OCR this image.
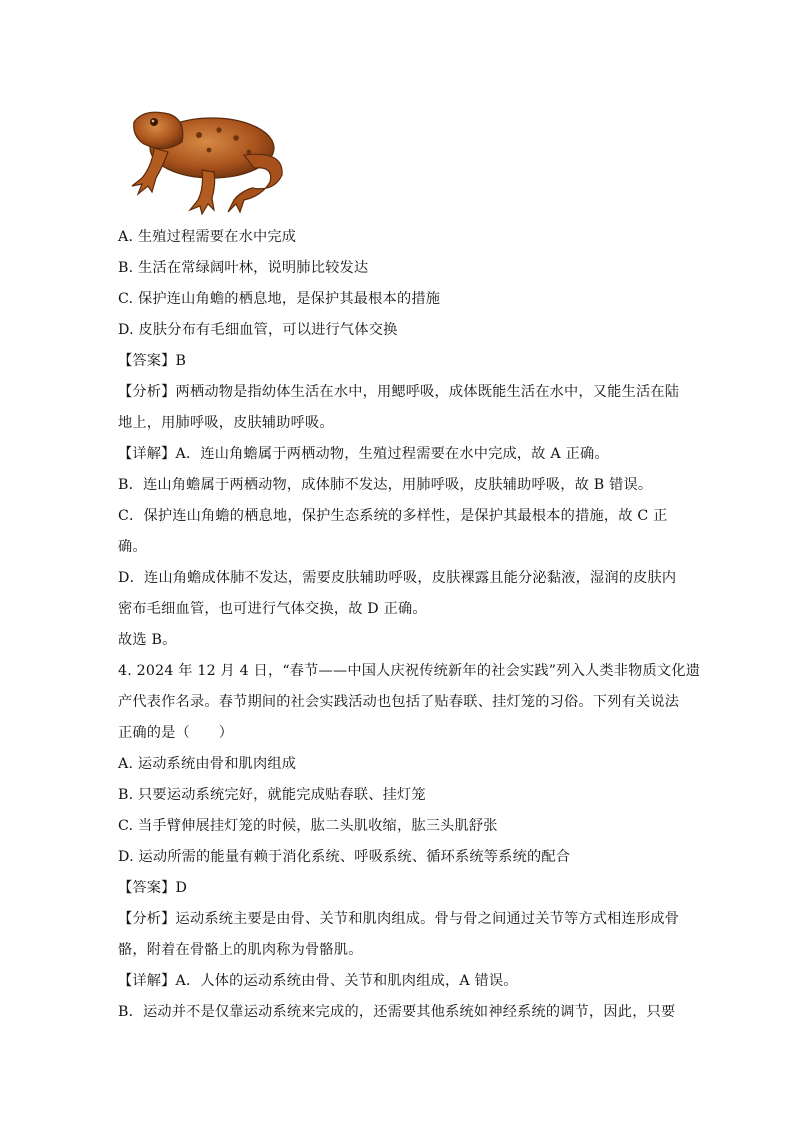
A. 生殖过程需要在水中完成
B. 生活在常绿阔叶林，说明肺比较发达
C. 保护连山角蟾的栖息地，是保护其最根本的措施
D. 皮肤分布有毛细血管，可以进行气体交换
【答案】B
【分析】两栖动物是指幼体生活在水中，用鳃呼吸，成体既能生活在水中，又能生活在陆
地上，用肺呼吸，皮肤辅助呼吸。
【详解】A．连山角蟾属于两栖动物，生殖过程需要在水中完成，故 A 正确。
B．连山角蟾属于两栖动物，成体肺不发达，用肺呼吸，皮肤辅助呼吸，故 B 错误。
C．保护连山角蟾的栖息地，保护生态系统的多样性，是保护其最根本的措施，故 C 正
确。
D．连山角蟾成体肺不发达，需要皮肤辅助呼吸，皮肤裸露且能分泌黏液，湿润的皮肤内
密布毛细血管，也可进行气体交换，故 D 正确。
故选 B。
4. 2024 年 12 月 4 日，“春节——中国人庆祝传统新年的社会实践”列入人类非物质文化遗
产代表作名录。春节期间的社会实践活动也包括了贴春联、挂灯笼的习俗。下列有关说法
正确的是（　　）
A. 运动系统由骨和肌肉组成
B. 只要运动系统完好，就能完成贴春联、挂灯笼
C. 当手臂伸展挂灯笼的时候，肱二头肌收缩，肱三头肌舒张
D. 运动所需的能量有赖于消化系统、呼吸系统、循环系统等系统的配合
【答案】D
【分析】运动系统主要是由骨、关节和肌肉组成。骨与骨之间通过关节等方式相连形成骨
骼，附着在骨骼上的肌肉称为骨骼肌。
【详解】A．人体的运动系统由骨、关节和肌肉组成，A 错误。
B．运动并不是仅靠运动系统来完成的，还需要其他系统如神经系统的调节，因此，只要
